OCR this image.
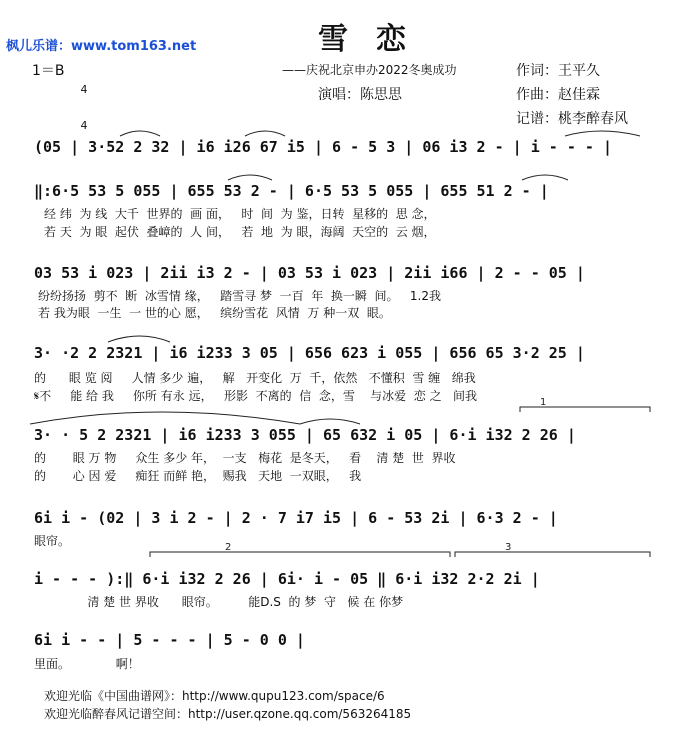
枫儿乐谱：www.tom163.net	雪恋
1＝B

4

4

——庆祝北京申办2022冬奥成功	作词：王平久
演唱：陈思思	作曲：赵佳霖
记谱：桃李醉春风
(05 | 3·52 2 32 | i6 i26 67 i5 | 6 - 5 3 | 06 i3 2 - | i - - - |
‖:6·5 53 5 055 | 655 53 2 - | 6·5 53 5 055 | 655 51 2 - |
经 纬  为 线  大千  世界的  画 面，   时  间  为 鉴，日转  星移的  思 念，
若 天  为 眼  起伏  叠嶂的  人 间，   若  地  为 眼，海阔  天空的  云 烟，
03 53 i 023 | 2ii i3 2 - | 03 53 i 023 | 2ii i66 | 2 - - 05 |
纷纷扬扬  剪不  断  冰雪情 缘，   踏雪寻 梦  一百  年  换一瞬  间。   1.2我
若 我为眼  一生  一 世的心 愿，   缤纷雪花  风情  万 种一双  眼。
3· ·2 2 2321 | i6 i233 3 05 | 656 623 i 055 | 656 65 3·2 25 |
的      眼 览 阅     人情 多少 遍，   解   开变化  万  千，依然   不懂积  雪 缠   绵我
𝄋不     能 给 我     你所 有永 远，   形影  不离的  信  念，雪    与冰爱  恋 之   间我
3· · 5 2 2321 | i6 i233 3 055 | 65 632 i 05 | 6·i i32 2 26 |
的       眼 万 物     众生 多少 年，  一支   梅花  是冬天，   看    清 楚  世  界收
的       心 因 爱     痴狂 而鲜 艳，  赐我   天地  一双眼，   我
6i i - (02 | 3 i 2 - | 2 · 7 i7 i5 | 6 - 53 2i | 6·3 2 - |
眼帘。
i - - - ):‖ 6·i i32 2 26 | 6i· i - 05 ‖ 6·i i32 2·2 2i |
清 楚 世 界收      眼帘。        能D.S  的 梦  守   候 在 你梦
6i i - - | 5 - - - | 5 - 0 0 |
里面。            啊！
欢迎光临《中国曲谱网》：http://www.qupu123.com/space/6
欢迎光临醉春风记谱空间：http://user.qzone.qq.com/563264185
2	3
1
